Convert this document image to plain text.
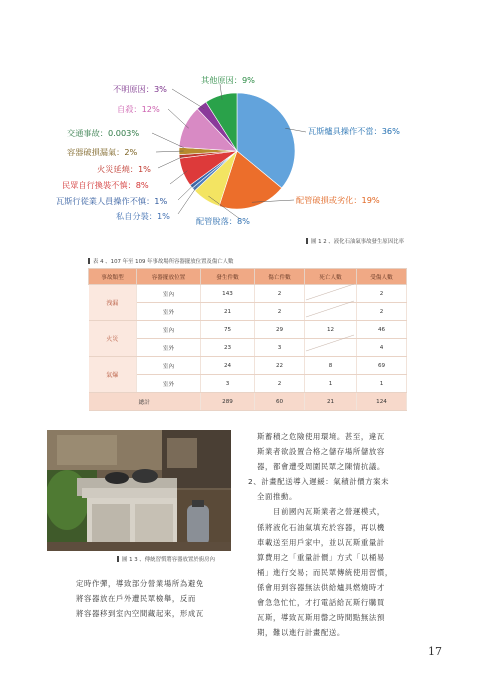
其他原因：9%
不明原因：3%
自殺：12%
交通事故：0.003%
容器破損漏氣：2%
火災延燒：1%
民眾自行換裝不慎：8%
瓦斯行從業人員操作不慎：1%
私自分裝：1%	配管脫落：8%
配管破損或劣化：19%
瓦斯爐具操作不當：36%
圖 1 2 、液化石油氣事故發生原因比率
表 4 、107 年至 109 年事故場所容器擺放位置及傷亡人數
事故類型	容器擺放位置	發生件數	傷亡件數	死亡人數	受傷人數
洩漏	室內	143	2		2
	室外	21	2		2
火災	室內	75	29	12	46
	室外	23	3		4
氣爆	室內	24	22	8	69
	室外	3	2	1	1
總計		289	60	21	124
圖 1 3 、傳統習慣將容器放置於廚房內
定時作彈，導致部分營業場所為避免
將容器放在戶外遭民眾檢舉，反而
將容器移到室內空間藏起來，形成瓦
斯蓄積之危險使用環境。甚至，違瓦
斯業者欲設置合格之儲存場所儲放容
器，都會遭受周圍民眾之陳情抗議。
2、計畫配送導入遲緩：氣積計價方案未
全面推動。
目前國內瓦斯業者之營運模式，
係將液化石油氣填充於容器，再以機
車載送至用戶家中，並以瓦斯重量計
算費用之「重量計價」方式「以桶易
桶」進行交易；而民眾傳統使用習慣，
係會用到容器無法供給爐具燃燒時才
會急急忙忙，才打電話給瓦斯行購買
瓦斯，導致瓦斯用罄之時間點無法預
期，難以進行計畫配送。
17
